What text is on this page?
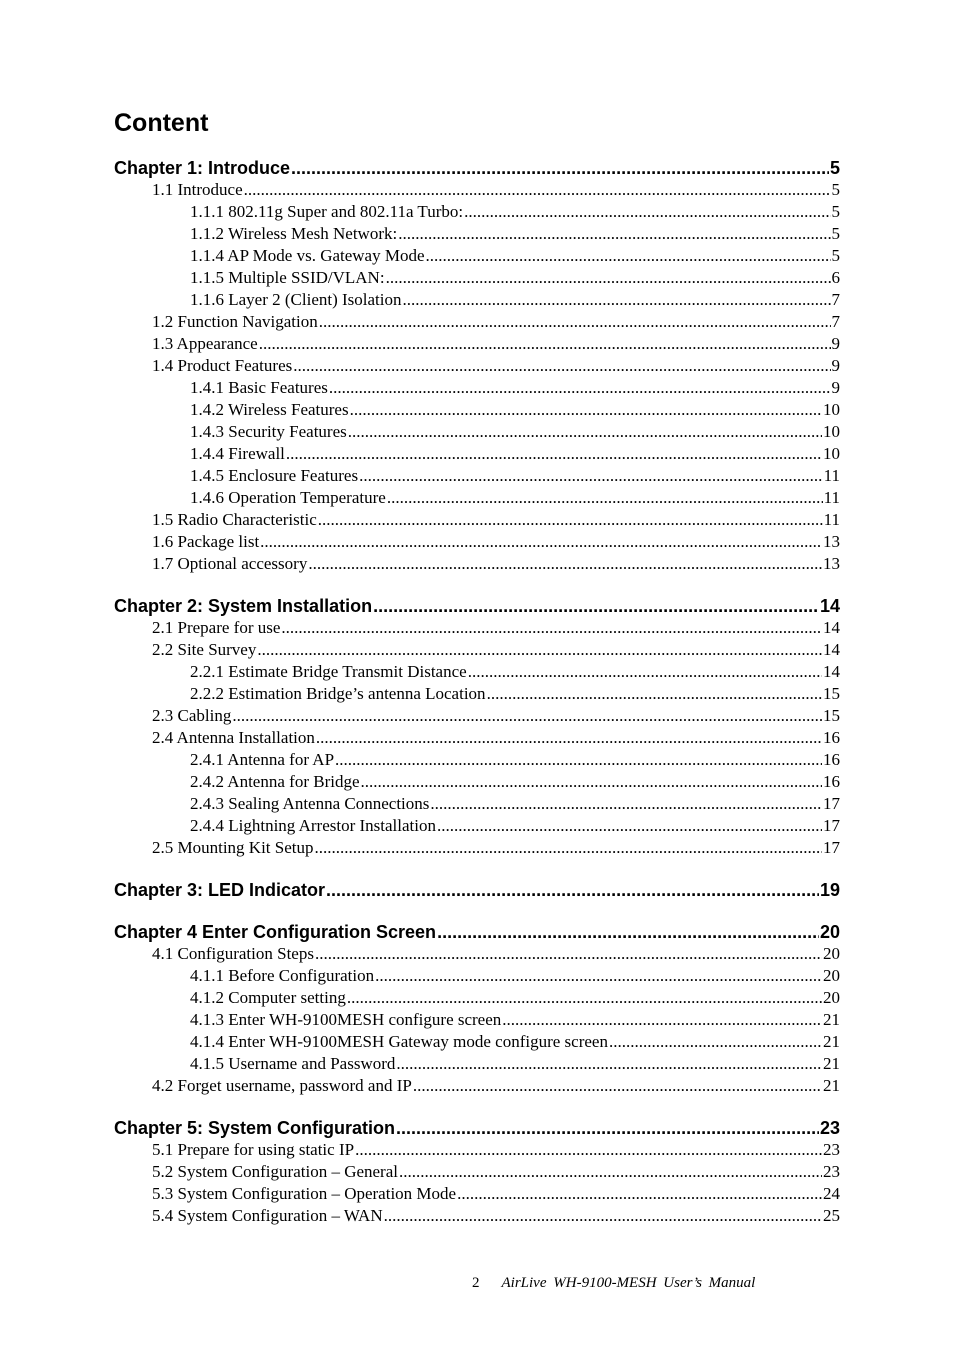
Content
Chapter 1: Introduce .....	5
1.1 Introduce .....	5
1.1.1 802.11g Super and 802.11a Turbo: .....	5
1.1.2 Wireless Mesh Network: .....	5
1.1.4 AP Mode vs. Gateway Mode .....	5
1.1.5 Multiple SSID/VLAN: .....	6
1.1.6 Layer 2 (Client) Isolation .....	7
1.2 Function Navigation .....	7
1.3 Appearance .....	9
1.4 Product Features .....	9
1.4.1 Basic Features .....	9
1.4.2 Wireless Features .....	10
1.4.3 Security Features .....	10
1.4.4 Firewall .....	10
1.4.5 Enclosure Features .....	11
1.4.6 Operation Temperature .....	11
1.5 Radio Characteristic .....	11
1.6 Package list .....	13
1.7 Optional accessory .....	13
Chapter 2: System Installation .....	14
2.1 Prepare for use .....	14
2.2 Site Survey .....	14
2.2.1 Estimate Bridge Transmit Distance .....	14
2.2.2 Estimation Bridge’s antenna Location .....	15
2.3 Cabling .....	15
2.4 Antenna Installation .....	16
2.4.1 Antenna for AP .....	16
2.4.2 Antenna for Bridge .....	16
2.4.3 Sealing Antenna Connections .....	17
2.4.4 Lightning Arrestor Installation .....	17
2.5 Mounting Kit Setup .....	17
Chapter 3: LED Indicator .....	19
Chapter 4 Enter Configuration Screen .....	20
4.1 Configuration Steps .....	20
4.1.1 Before Configuration .....	20
4.1.2 Computer setting .....	20
4.1.3 Enter WH-9100MESH configure screen .....	21
4.1.4 Enter WH-9100MESH Gateway mode configure screen .....	21
4.1.5 Username and Password .....	21
4.2 Forget username, password and IP .....	21
Chapter 5: System Configuration .....	23
5.1 Prepare for using static IP .....	23
5.2 System Configuration – General .....	23
5.3 System Configuration – Operation Mode .....	24
5.4 System Configuration – WAN .....	25
2 AirLive WH-9100-MESH User’s Manual
